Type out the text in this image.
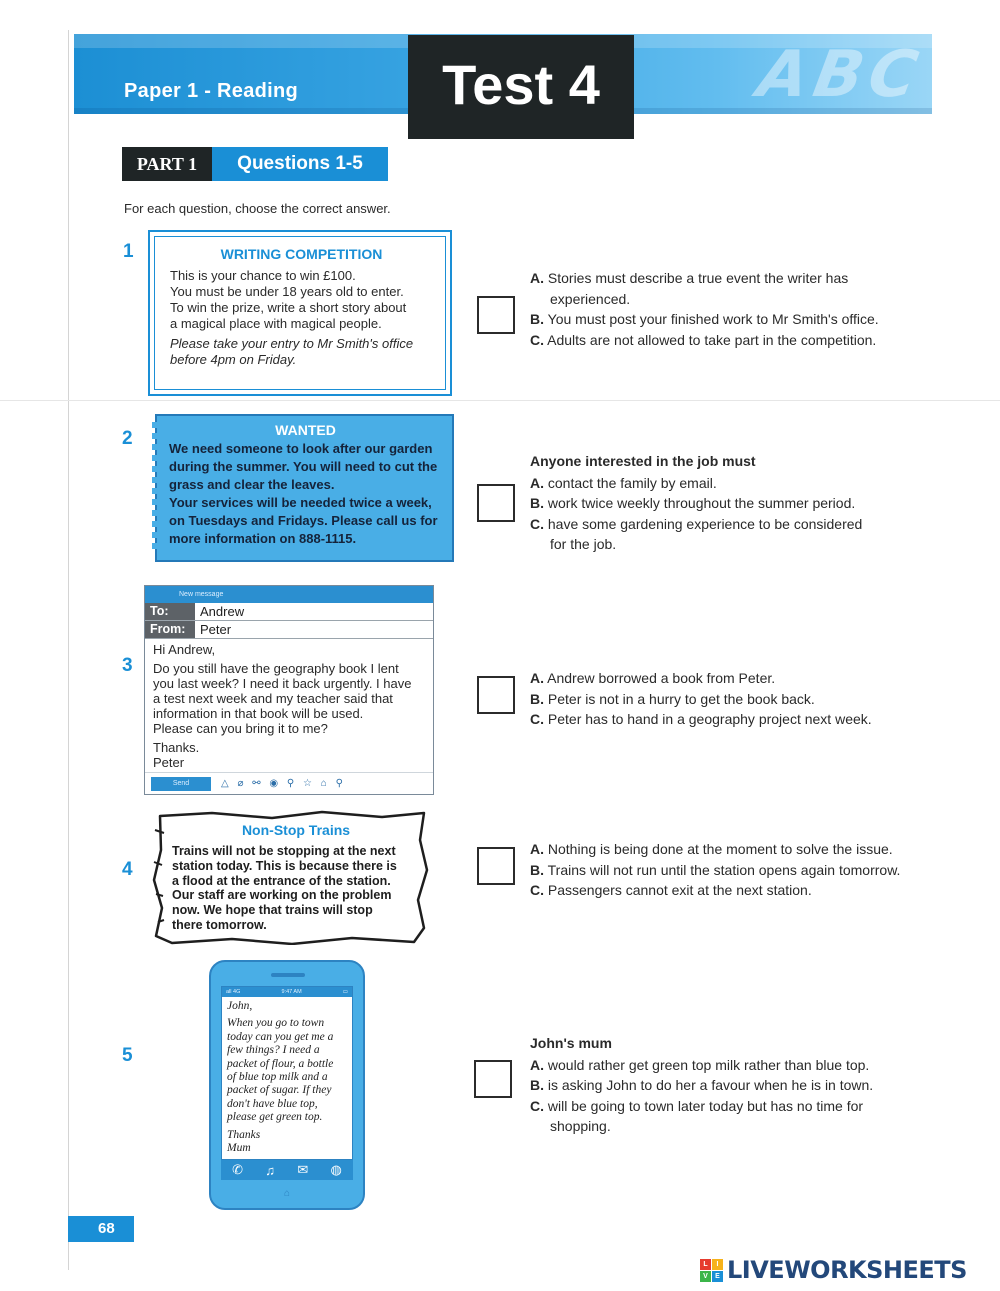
ABC
Paper 1 - Reading	Test 4
PART 1	Questions 1-5
For each question, choose the correct answer.
1	WRITING COMPETITION
This is your chance to win £100.
You must be under 18 years old to enter.
To win the prize, write a short story about
a magical place with magical people.
Please take your entry to Mr Smith's office
before 4pm on Friday.
A. Stories must describe a true event the writer has experienced.
B. You must post your finished work to Mr Smith's office.
C. Adults are not allowed to take part in the competition.
2	WANTED
We need someone to look after our garden
during the summer. You will need to cut the
grass and clear the leaves.
Your services will be needed twice a week,
on Tuesdays and Fridays. Please call us for
more information on 888-1115.
Anyone interested in the job must
A. contact the family by email.
B. work twice weekly throughout the summer period.
C. have some gardening experience to be considered for the job.
3
New message
To:	Andrew
From:	Peter
Hi Andrew,
Do you still have the geography book I lent
you last week? I need it back urgently. I have
a test next week and my teacher said that
information in that book will be used.
Please can you bring it to me?
Thanks.
Peter
Send	△ ⌀ ⚯ ◉ ⚲ ☆ ⌂ ⚲
A. Andrew borrowed a book from Peter.
B. Peter is not in a hurry to get the book back.
C. Peter has to hand in a geography project next week.
4
Non-Stop Trains
Trains will not be stopping at the next
station today. This is because there is
a flood at the entrance of the station.
Our staff are working on the problem
now. We hope that trains will stop
there tomorrow.
A. Nothing is being done at the moment to solve the issue.
B. Trains will not run until the station opens again tomorrow.
C. Passengers cannot exit at the next station.
5
all 4G	9:47 AM	▭
John,
When you go to town
today can you get me a
few things? I need a
packet of flour, a bottle
of blue top milk and a
packet of sugar. If they
don't have blue top,
please get green top.
Thanks
Mum
✆ ♫ ✉ ◍
⌂
John's mum
A. would rather get green top milk rather than blue top.
B. is asking John to do her a favour when he is in town.
C. will be going to town later today but has no time for shopping.
68
L	I
V	E LIVEWORKSHEETS
